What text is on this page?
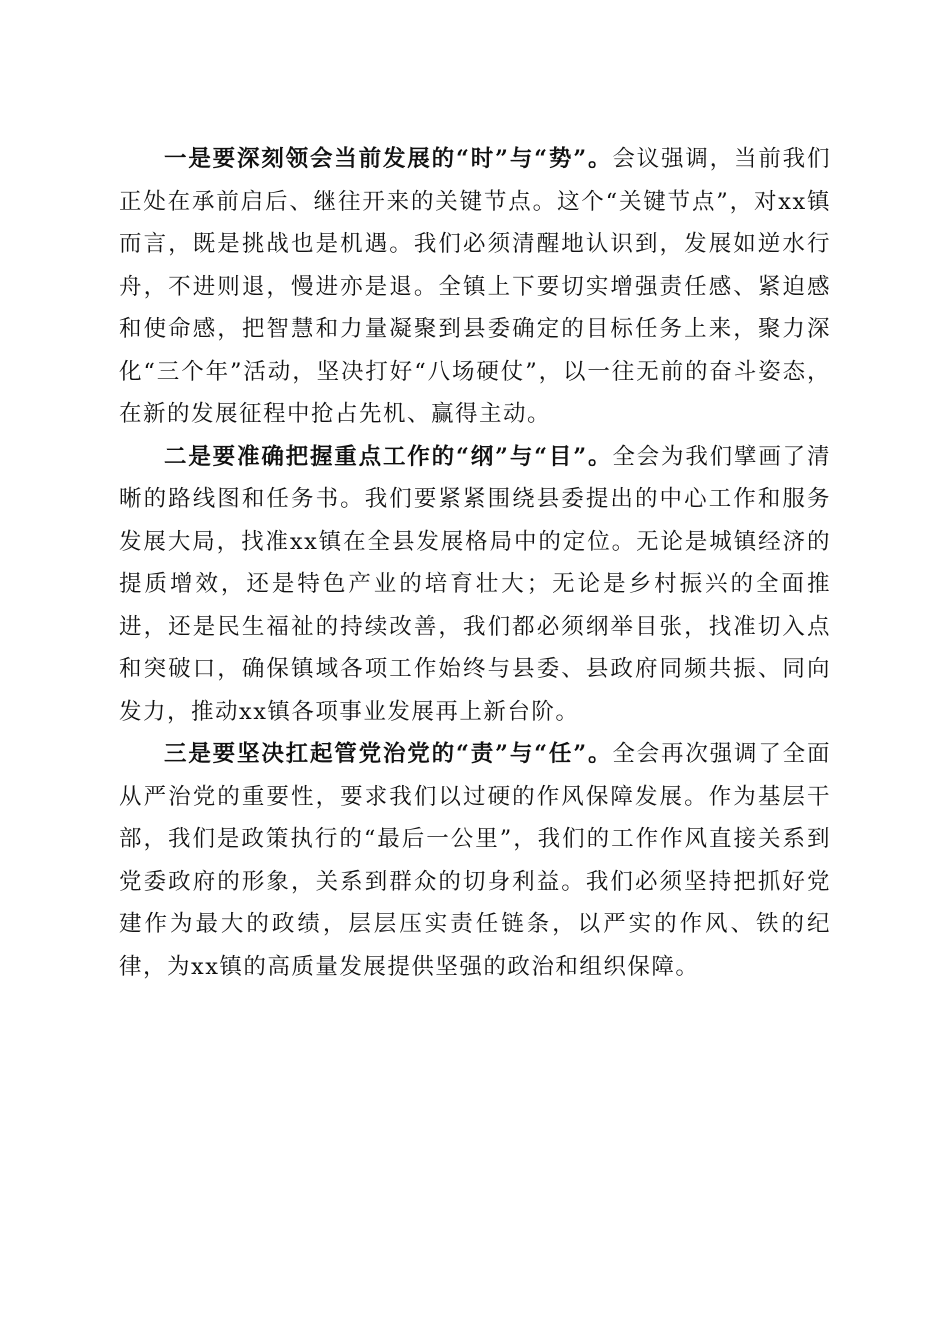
一是要深刻领会当前发展的“时”与“势”。会议强调，当前我们正处在承前启后、继往开来的关键节点。这个“关键节点”，对xx镇而言，既是挑战也是机遇。我们必须清醒地认识到，发展如逆水行舟，不进则退，慢进亦是退。全镇上下要切实增强责任感、紧迫感和使命感，把智慧和力量凝聚到县委确定的目标任务上来，聚力深化“三个年”活动，坚决打好“八场硬仗”，以一往无前的奋斗姿态，在新的发展征程中抢占先机、赢得主动。

二是要准确把握重点工作的“纲”与“目”。全会为我们擘画了清晰的路线图和任务书。我们要紧紧围绕县委提出的中心工作和服务发展大局，找准xx镇在全县发展格局中的定位。无论是城镇经济的提质增效，还是特色产业的培育壮大；无论是乡村振兴的全面推进，还是民生福祉的持续改善，我们都必须纲举目张，找准切入点和突破口，确保镇域各项工作始终与县委、县政府同频共振、同向发力，推动xx镇各项事业发展再上新台阶。

三是要坚决扛起管党治党的“责”与“任”。全会再次强调了全面从严治党的重要性，要求我们以过硬的作风保障发展。作为基层干部，我们是政策执行的“最后一公里”，我们的工作作风直接关系到党委政府的形象，关系到群众的切身利益。我们必须坚持把抓好党建作为最大的政绩，层层压实责任链条，以严实的作风、铁的纪律，为xx镇的高质量发展提供坚强的政治和组织保障。
